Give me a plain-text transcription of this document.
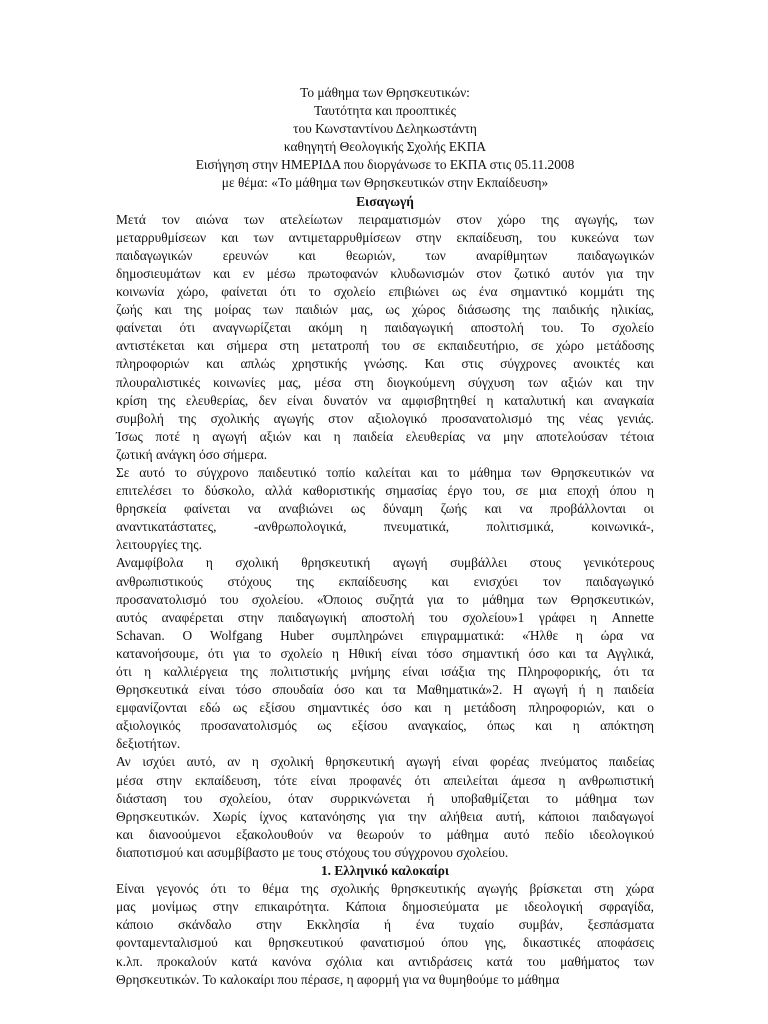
Το μάθημα των Θρησκευτικών:
Ταυτότητα και προοπτικές
του Κωνσταντίνου Δεληκωστάντη
καθηγητή Θεολογικής Σχολής ΕΚΠΑ
Εισήγηση στην ΗΜΕΡΙΔΑ που διοργάνωσε το ΕΚΠΑ στις 05.11.2008
με θέμα: «Το μάθημα των Θρησκευτικών στην Εκπαίδευση»
Εισαγωγή
Μετά τον αιώνα των ατελείωτων πειραματισμών στον χώρο της αγωγής, των
μεταρρυθμίσεων και των αντιμεταρρυθμίσεων στην εκπαίδευση, του κυκεώνα των
παιδαγωγικών ερευνών και θεωριών, των αναρίθμητων παιδαγωγικών
δημοσιευμάτων και εν μέσω πρωτοφανών κλυδωνισμών στον ζωτικό αυτόν για την
κοινωνία χώρο, φαίνεται ότι το σχολείο επιβιώνει ως ένα σημαντικό κομμάτι της
ζωής και της μοίρας των παιδιών μας, ως χώρος διάσωσης της παιδικής ηλικίας,
φαίνεται ότι αναγνωρίζεται ακόμη η παιδαγωγική αποστολή του. Το σχολείο
αντιστέκεται και σήμερα στη μετατροπή του σε εκπαιδευτήριο, σε χώρο μετάδοσης
πληροφοριών και απλώς χρηστικής γνώσης. Και στις σύγχρονες ανοικτές και
πλουραλιστικές κοινωνίες μας, μέσα στη διογκούμενη σύγχυση των αξιών και την
κρίση της ελευθερίας, δεν είναι δυνατόν να αμφισβητηθεί η καταλυτική και αναγκαία
συμβολή της σχολικής αγωγής στον αξιολογικό προσανατολισμό της νέας γενιάς.
Ίσως ποτέ η αγωγή αξιών και η παιδεία ελευθερίας να μην αποτελούσαν τέτοια
ζωτική ανάγκη όσο σήμερα.
Σε αυτό το σύγχρονο παιδευτικό τοπίο καλείται και το μάθημα των Θρησκευτικών να
επιτελέσει το δύσκολο, αλλά καθοριστικής σημασίας έργο του, σε μια εποχή όπου η
θρησκεία φαίνεται να αναβιώνει ως δύναμη ζωής και να προβάλλονται οι
αναντικατάστατες, -ανθρωπολογικά, πνευματικά, πολιτισμικά, κοινωνικά-,
λειτουργίες της.
Αναμφίβολα η σχολική θρησκευτική αγωγή συμβάλλει στους γενικότερους
ανθρωπιστικούς στόχους της εκπαίδευσης και ενισχύει τον παιδαγωγικό
προσανατολισμό του σχολείου. «Όποιος συζητά για το μάθημα των Θρησκευτικών,
αυτός αναφέρεται στην παιδαγωγική αποστολή του σχολείου»1 γράφει η Annette
Schavan. Ο Wolfgang Huber συμπληρώνει επιγραμματικά: «Ήλθε η ώρα να
κατανοήσουμε, ότι για το σχολείο η Ηθική είναι τόσο σημαντική όσο και τα Αγγλικά,
ότι η καλλιέργεια της πολιτιστικής μνήμης είναι ισάξια της Πληροφορικής, ότι τα
Θρησκευτικά είναι τόσο σπουδαία όσο και τα Μαθηματικά»2. Η αγωγή ή η παιδεία
εμφανίζονται εδώ ως εξίσου σημαντικές όσο και η μετάδοση πληροφοριών, και ο
αξιολογικός προσανατολισμός ως εξίσου αναγκαίος, όπως και η απόκτηση
δεξιοτήτων.
Αν ισχύει αυτό, αν η σχολική θρησκευτική αγωγή είναι φορέας πνεύματος παιδείας
μέσα στην εκπαίδευση, τότε είναι προφανές ότι απειλείται άμεσα η ανθρωπιστική
διάσταση του σχολείου, όταν συρρικνώνεται ή υποβαθμίζεται το μάθημα των
Θρησκευτικών. Χωρίς ίχνος κατανόησης για την αλήθεια αυτή, κάποιοι παιδαγωγοί
και διανοούμενοι εξακολουθούν να θεωρούν το μάθημα αυτό πεδίο ιδεολογικού
διαποτισμού και ασυμβίβαστο με τους στόχους του σύγχρονου σχολείου.
1. Ελληνικό καλοκαίρι
Είναι γεγονός ότι το θέμα της σχολικής θρησκευτικής αγωγής βρίσκεται στη χώρα
μας μονίμως στην επικαιρότητα. Κάποια δημοσιεύματα με ιδεολογική σφραγίδα,
κάποιο σκάνδαλο στην Εκκλησία ή ένα τυχαίο συμβάν, ξεσπάσματα
φονταμενταλισμού και θρησκευτικού φανατισμού όπου γης, δικαστικές αποφάσεις
κ.λπ. προκαλούν κατά κανόνα σχόλια και αντιδράσεις κατά του μαθήματος των
Θρησκευτικών. Το καλοκαίρι που πέρασε, η αφορμή για να θυμηθούμε το μάθημα
